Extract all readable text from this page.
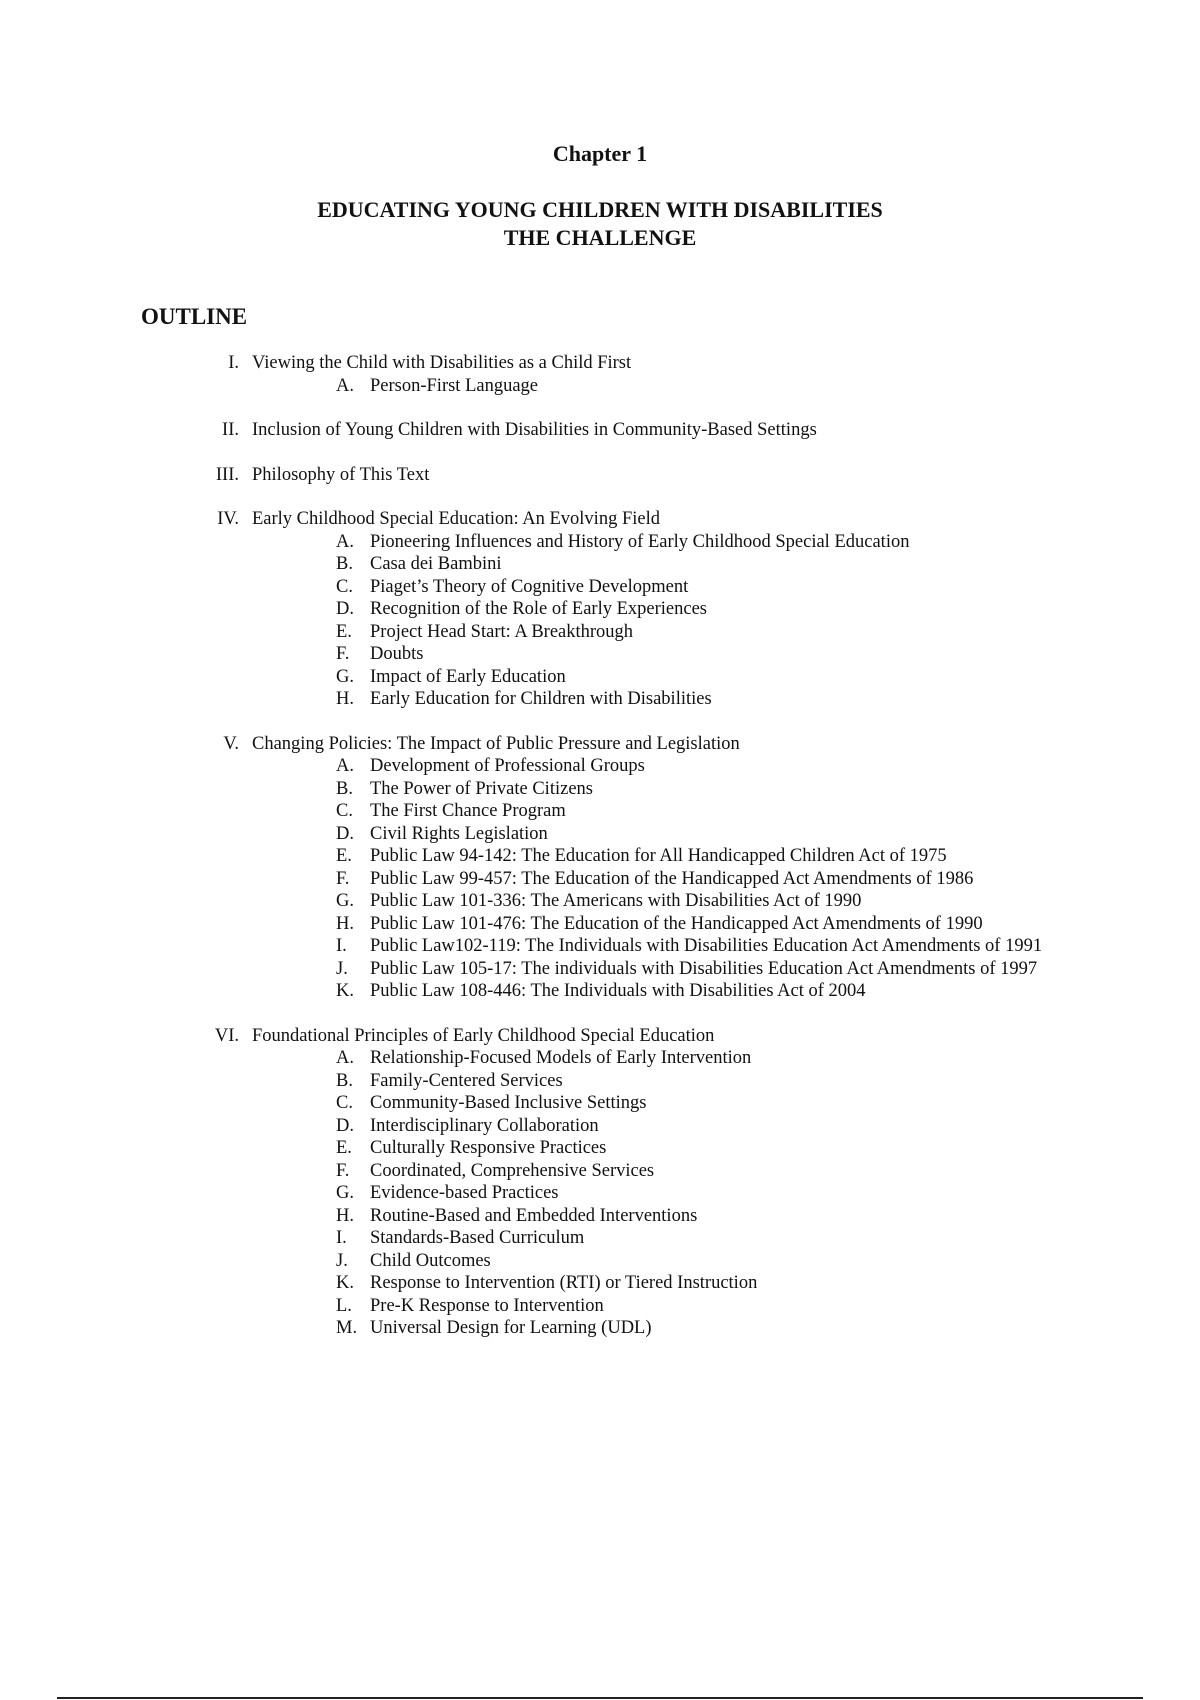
Chapter 1
EDUCATING YOUNG CHILDREN WITH DISABILITIES
THE CHALLENGE
OUTLINE
I. Viewing the Child with Disabilities as a Child First
A. Person-First Language
II. Inclusion of Young Children with Disabilities in Community-Based Settings
III. Philosophy of This Text
IV. Early Childhood Special Education: An Evolving Field
A. Pioneering Influences and History of Early Childhood Special Education
B. Casa dei Bambini
C. Piaget’s Theory of Cognitive Development
D. Recognition of the Role of Early Experiences
E. Project Head Start: A Breakthrough
F.	Doubts
G. Impact of Early Education
H. Early Education for Children with Disabilities
V. Changing Policies: The Impact of Public Pressure and Legislation
A. Development of Professional Groups
B. The Power of Private Citizens
C. The First Chance Program
D. Civil Rights Legislation
E. Public Law 94-142: The Education for All Handicapped Children Act of 1975
F.	Public Law 99-457: The Education of the Handicapped Act Amendments of 1986
G. Public Law 101-336: The Americans with Disabilities Act of 1990
H. Public Law 101-476: The Education of the Handicapped Act Amendments of 1990
I.	Public Law102-119: The Individuals with Disabilities Education Act Amendments of 1991
J.	Public Law 105-17: The individuals with Disabilities Education Act Amendments of 1997
K. Public Law 108-446: The Individuals with Disabilities Act of 2004
VI. Foundational Principles of Early Childhood Special Education
A. Relationship-Focused Models of Early Intervention
B. Family-Centered Services
C. Community-Based Inclusive Settings
D. Interdisciplinary Collaboration
E. Culturally Responsive Practices
F.	Coordinated, Comprehensive Services
G. Evidence-based Practices
H. Routine-Based and Embedded Interventions
I.	Standards-Based Curriculum
J.	Child Outcomes
K. Response to Intervention (RTI) or Tiered Instruction
L. Pre-K Response to Intervention
M. Universal Design for Learning (UDL)
